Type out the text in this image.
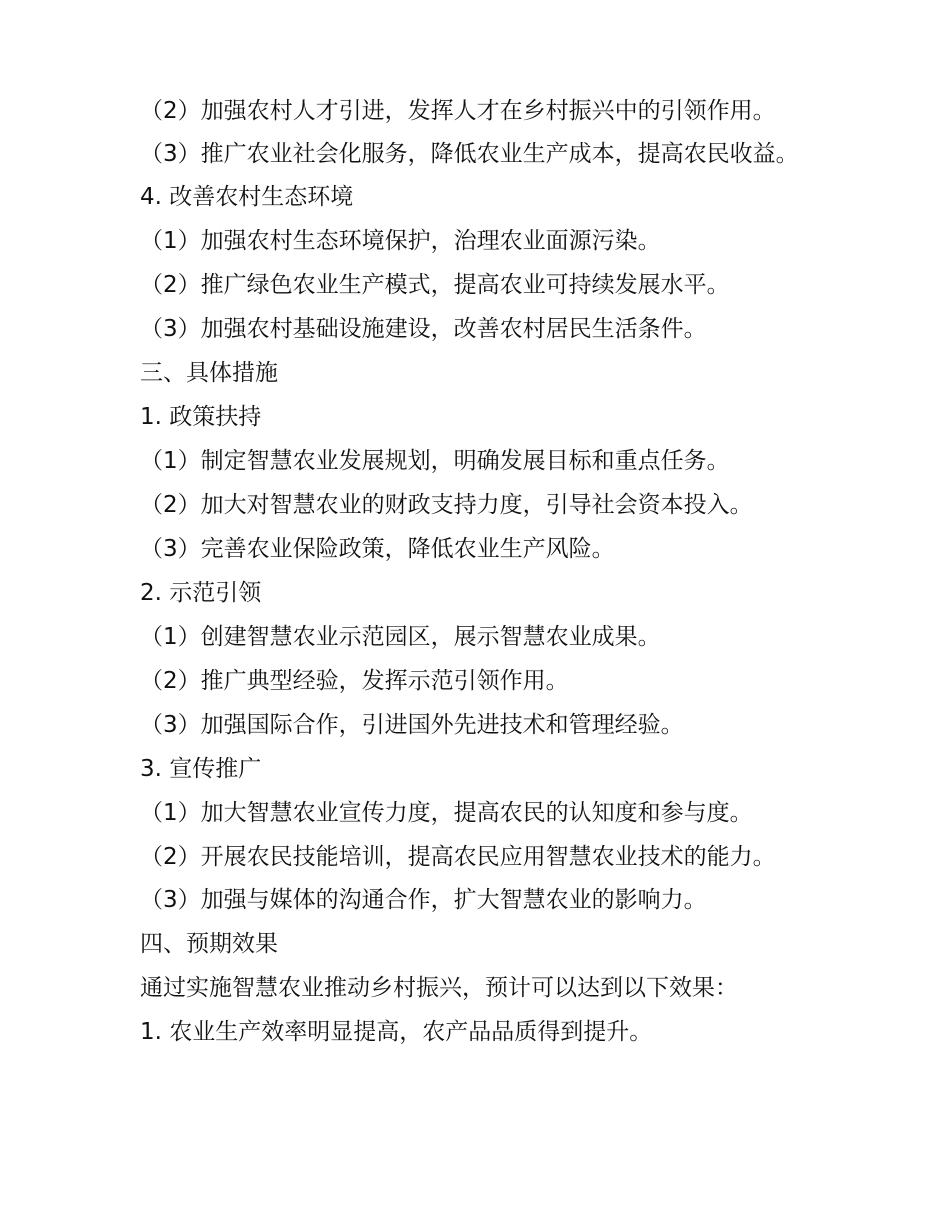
（2）加强农村人才引进，发挥人才在乡村振兴中的引领作用。

（3）推广农业社会化服务，降低农业生产成本，提高农民收益。

4. 改善农村生态环境

（1）加强农村生态环境保护，治理农业面源污染。

（2）推广绿色农业生产模式，提高农业可持续发展水平。

（3）加强农村基础设施建设，改善农村居民生活条件。

三、具体措施

1. 政策扶持

（1）制定智慧农业发展规划，明确发展目标和重点任务。

（2）加大对智慧农业的财政支持力度，引导社会资本投入。

（3）完善农业保险政策，降低农业生产风险。

2. 示范引领

（1）创建智慧农业示范园区，展示智慧农业成果。

（2）推广典型经验，发挥示范引领作用。

（3）加强国际合作，引进国外先进技术和管理经验。

3. 宣传推广

（1）加大智慧农业宣传力度，提高农民的认知度和参与度。

（2）开展农民技能培训，提高农民应用智慧农业技术的能力。

（3）加强与媒体的沟通合作，扩大智慧农业的影响力。

四、预期效果

通过实施智慧农业推动乡村振兴，预计可以达到以下效果：

1. 农业生产效率明显提高，农产品品质得到提升。
